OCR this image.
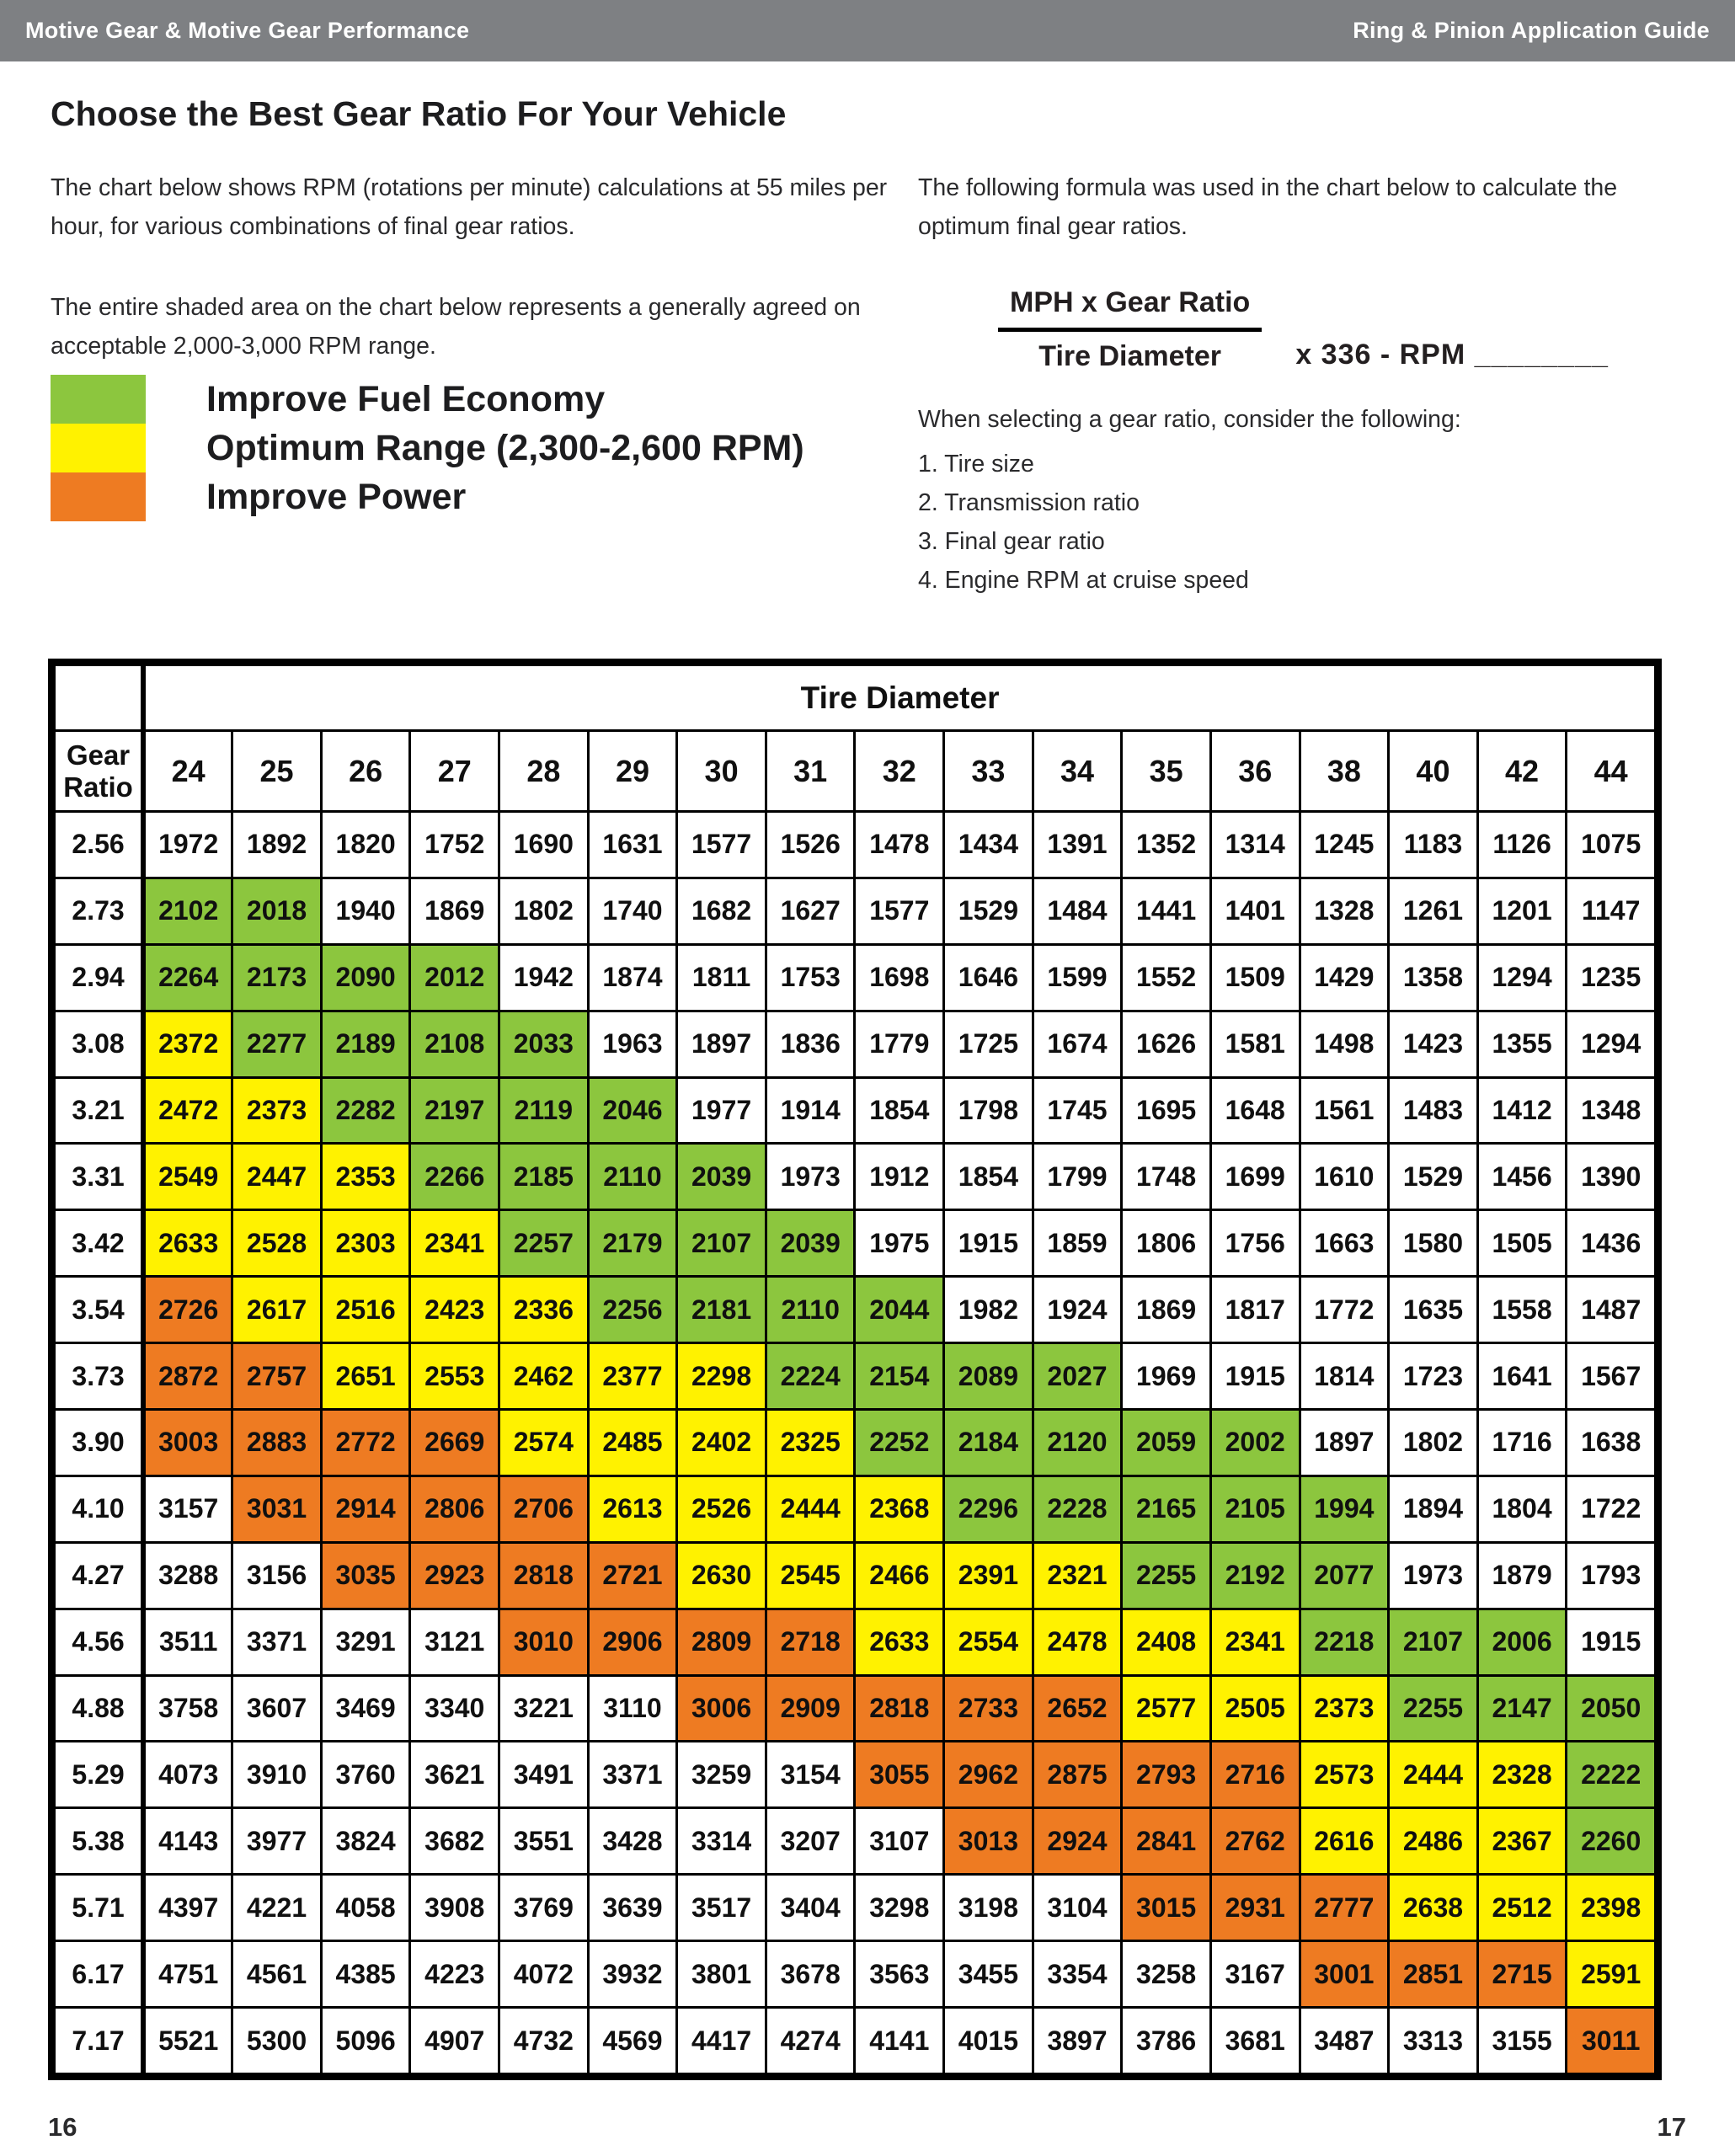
Motive Gear & Motive Gear Performance	Ring & Pinion Application Guide
Choose the Best Gear Ratio For Your Vehicle
The chart below shows RPM (rotations per minute) calculations at 55 miles per hour, for various combinations of final gear ratios.
The entire shaded area on the chart below represents a generally agreed on acceptable 2,000-3,000 RPM range.
Improve Fuel Economy
Optimum Range (2,300-2,600 RPM)
Improve Power
The following formula was used in the chart below to calculate the optimum final gear ratios.
$\frac{\text{MPH x Gear Ratio}}{\text{Tire Diameter}}$ x 336 - RPM ________
When selecting a gear ratio, consider the following:
1. Tire size
2. Transmission ratio
3. Final gear ratio
4. Engine RPM at cruise speed
	Tire Diameter																
Gear Ratio	24	25	26	27	28	29	30	31	32	33	34	35	36	38	40	42	44
2.56	1972	1892	1820	1752	1690	1631	1577	1526	1478	1434	1391	1352	1314	1245	1183	1126	1075
2.73	2102	2018	1940	1869	1802	1740	1682	1627	1577	1529	1484	1441	1401	1328	1261	1201	1147
2.94	2264	2173	2090	2012	1942	1874	1811	1753	1698	1646	1599	1552	1509	1429	1358	1294	1235
3.08	2372	2277	2189	2108	2033	1963	1897	1836	1779	1725	1674	1626	1581	1498	1423	1355	1294
3.21	2472	2373	2282	2197	2119	2046	1977	1914	1854	1798	1745	1695	1648	1561	1483	1412	1348
3.31	2549	2447	2353	2266	2185	2110	2039	1973	1912	1854	1799	1748	1699	1610	1529	1456	1390
3.42	2633	2528	2303	2341	2257	2179	2107	2039	1975	1915	1859	1806	1756	1663	1580	1505	1436
3.54	2726	2617	2516	2423	2336	2256	2181	2110	2044	1982	1924	1869	1817	1772	1635	1558	1487
3.73	2872	2757	2651	2553	2462	2377	2298	2224	2154	2089	2027	1969	1915	1814	1723	1641	1567
3.90	3003	2883	2772	2669	2574	2485	2402	2325	2252	2184	2120	2059	2002	1897	1802	1716	1638
4.10	3157	3031	2914	2806	2706	2613	2526	2444	2368	2296	2228	2165	2105	1994	1894	1804	1722
4.27	3288	3156	3035	2923	2818	2721	2630	2545	2466	2391	2321	2255	2192	2077	1973	1879	1793
4.56	3511	3371	3291	3121	3010	2906	2809	2718	2633	2554	2478	2408	2341	2218	2107	2006	1915
4.88	3758	3607	3469	3340	3221	3110	3006	2909	2818	2733	2652	2577	2505	2373	2255	2147	2050
5.29	4073	3910	3760	3621	3491	3371	3259	3154	3055	2962	2875	2793	2716	2573	2444	2328	2222
5.38	4143	3977	3824	3682	3551	3428	3314	3207	3107	3013	2924	2841	2762	2616	2486	2367	2260
5.71	4397	4221	4058	3908	3769	3639	3517	3404	3298	3198	3104	3015	2931	2777	2638	2512	2398
6.17	4751	4561	4385	4223	4072	3932	3801	3678	3563	3455	3354	3258	3167	3001	2851	2715	2591
7.17	5521	5300	5096	4907	4732	4569	4417	4274	4141	4015	3897	3786	3681	3487	3313	3155	3011
16	17
